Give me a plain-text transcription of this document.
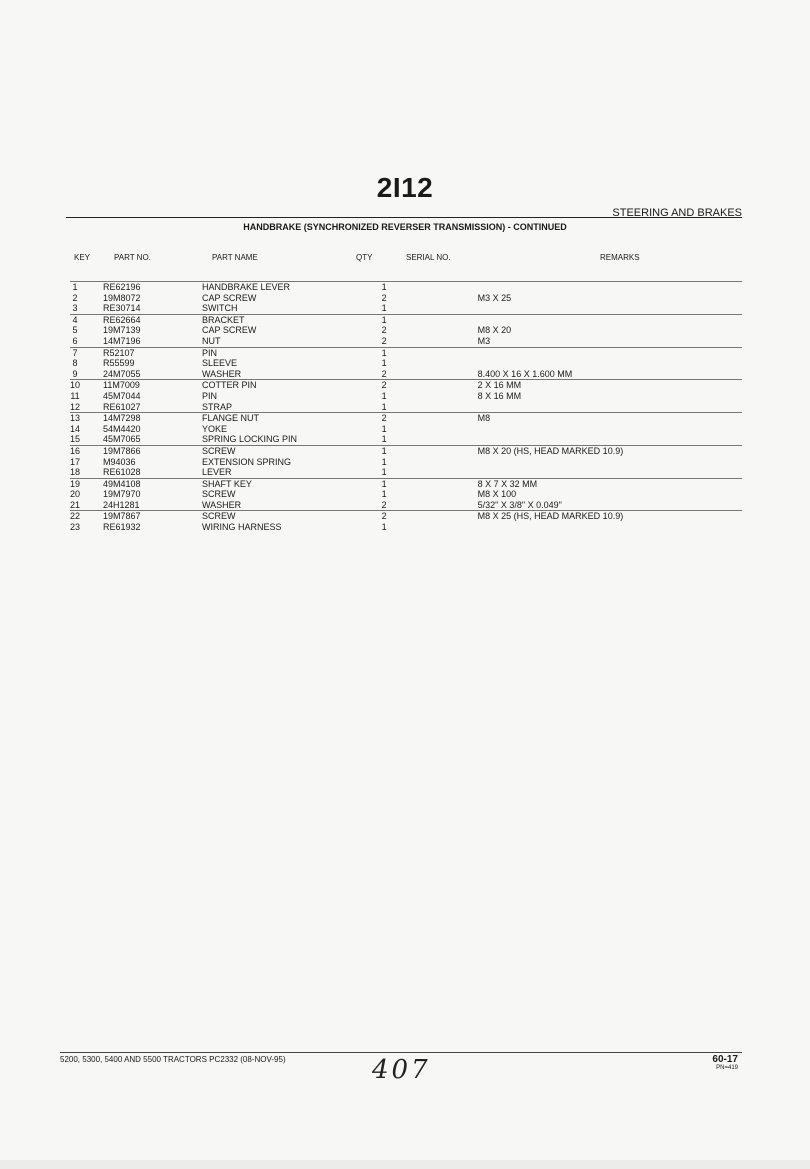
2I12
STEERING AND BRAKES
HANDBRAKE (SYNCHRONIZED REVERSER TRANSMISSION) - CONTINUED
KEY	PART NO.	PART NAME	QTY	SERIAL NO.	REMARKS
1	RE62196	HANDBRAKE LEVER	1		
2	19M8072	CAP SCREW	2		M3 X 25
3	RE30714	SWITCH	1		
4	RE62664	BRACKET	1		
5	19M7139	CAP SCREW	2		M8 X 20
6	14M7196	NUT	2		M3
7	R52107	PIN	1		
8	R55599	SLEEVE	1		
9	24M7055	WASHER	2		8.400 X 16 X 1.600 MM
10	11M7009	COTTER PIN	2		2 X 16 MM
11	45M7044	PIN	1		8 X 16 MM
12	RE61027	STRAP	1		
13	14M7298	FLANGE NUT	2		M8
14	54M4420	YOKE	1		
15	45M7065	SPRING LOCKING PIN	1		
16	19M7866	SCREW	1		M8 X 20 (HS, HEAD MARKED 10.9)
17	M94036	EXTENSION SPRING	1		
18	RE61028	LEVER	1		
19	49M4108	SHAFT KEY	1		8 X 7 X 32 MM
20	19M7970	SCREW	1		M8 X 100
21	24H1281	WASHER	2		5/32" X 3/8" X 0.049"
22	19M7867	SCREW	2		M8 X 25 (HS, HEAD MARKED 10.9)
23	RE61932	WIRING HARNESS	1		
5200, 5300, 5400 AND 5500 TRACTORS PC2332 (08-NOV-95)	407	60-17
PN=419
